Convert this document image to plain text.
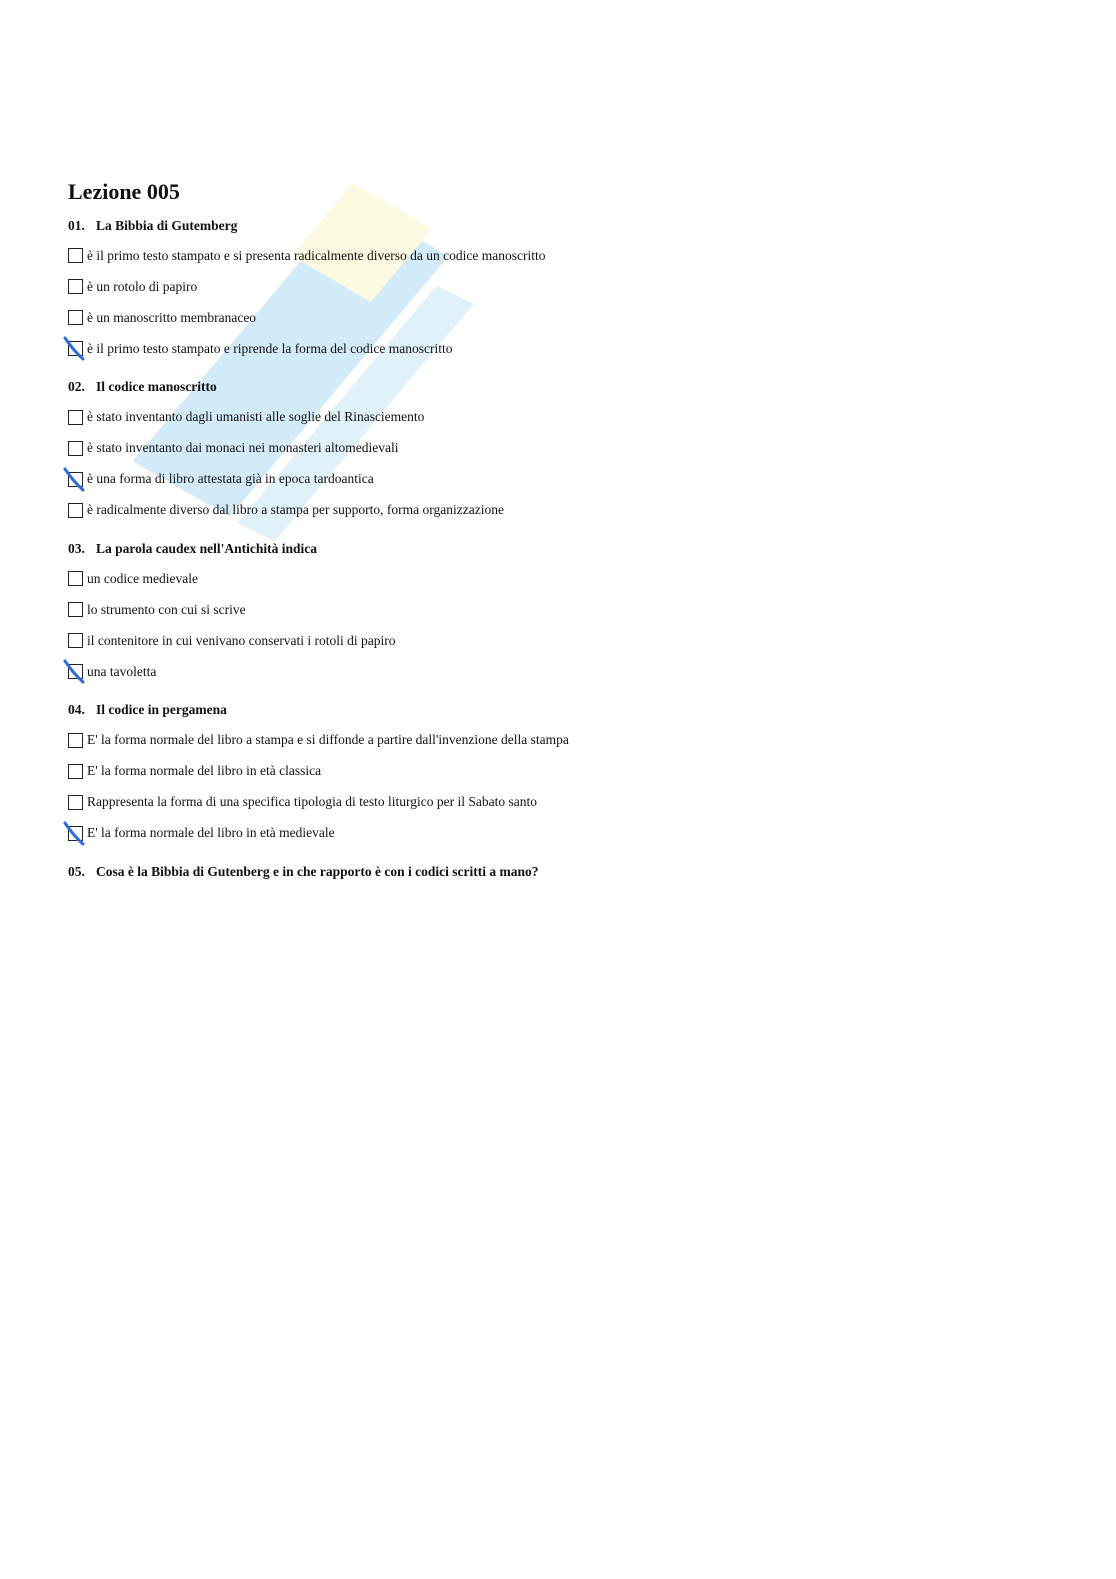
Lezione 005
01. La Bibbia di Gutemberg
è il primo testo stampato e si presenta radicalmente diverso da un codice manoscritto
è un rotolo di papiro
è un manoscritto membranaceo
è il primo testo stampato e riprende la forma del codice manoscritto
02. Il codice manoscritto
è stato inventanto dagli umanisti alle soglie del Rinasciemento
è stato inventanto dai monaci nei monasteri altomedievali
è una forma di libro attestata già in epoca tardoantica
è radicalmente diverso dal libro a stampa per supporto, forma organizzazione
03. La parola caudex nell'Antichità indica
un codice medievale
lo strumento con cui si scrive
il contenitore in cui venivano conservati i rotoli di papiro
una tavoletta
04. Il codice in pergamena
E' la forma normale del libro a stampa e si diffonde a partire dall'invenzione della stampa
E' la forma normale del libro in età classica
Rappresenta la forma di una specifica tipologia di testo liturgico per il Sabato santo
E' la forma normale del libro in età medievale
05. Cosa è la Bibbia di Gutenberg e in che rapporto è con i codici scritti a mano?
